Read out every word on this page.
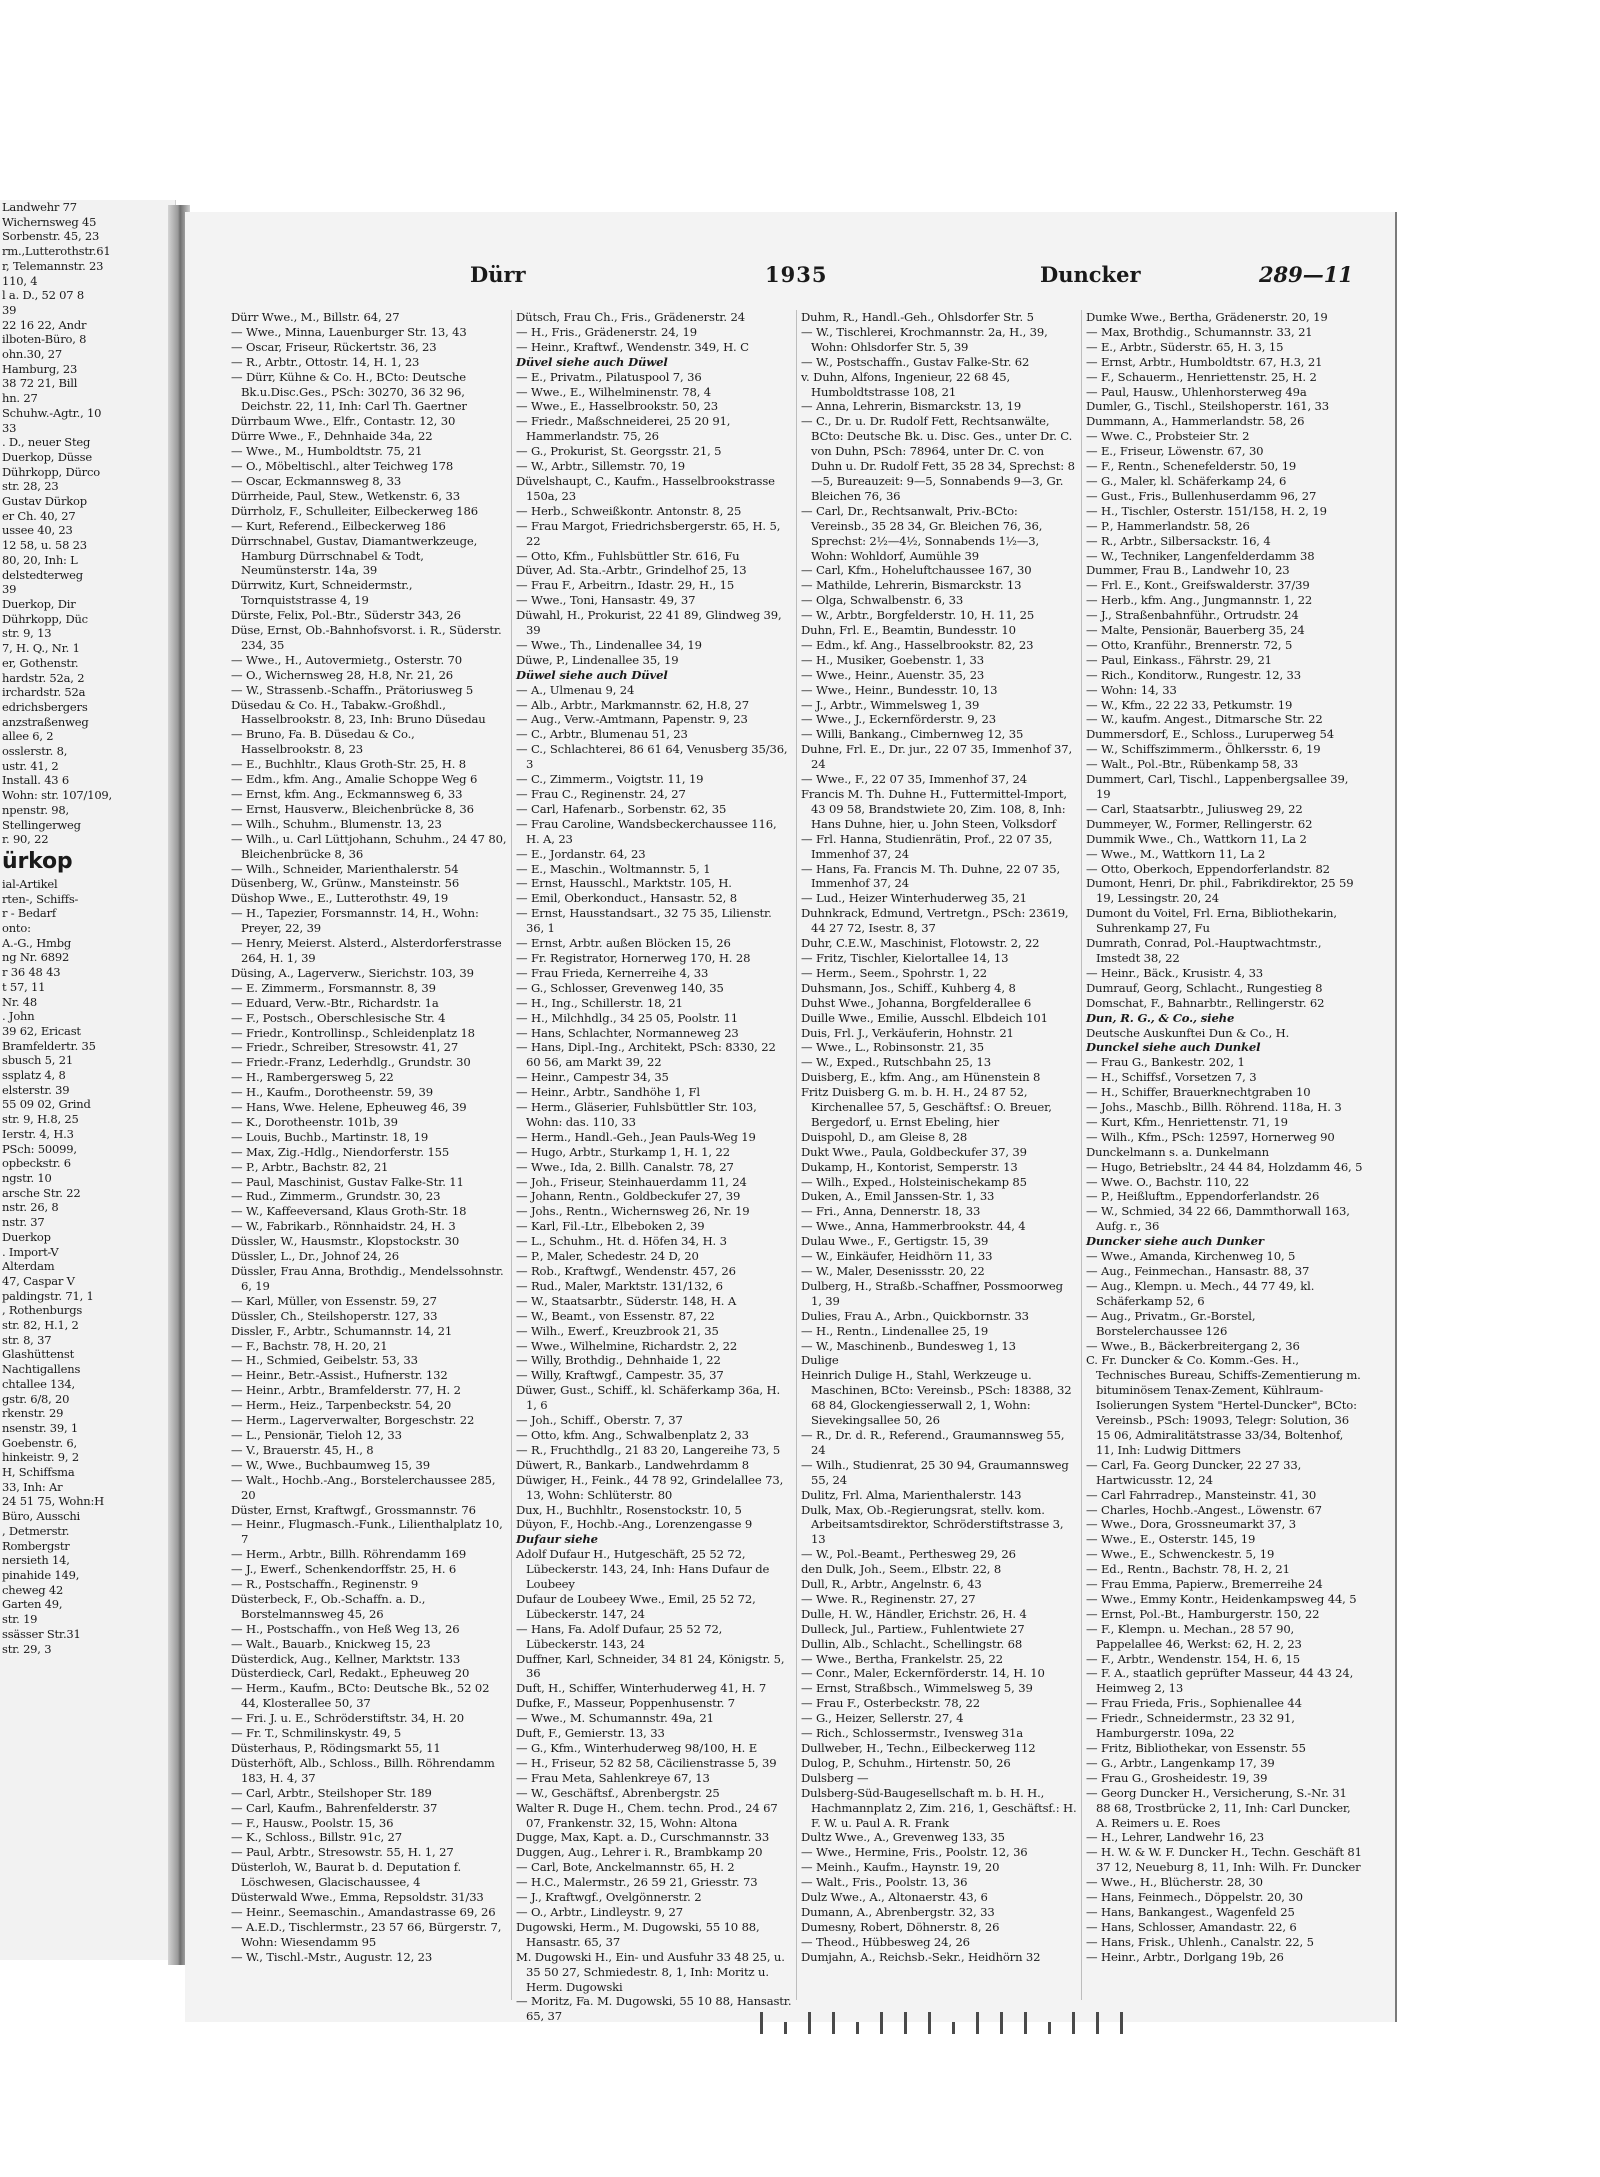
Landwehr 77
Wichernsweg 45
Sorbenstr. 45, 23
rm.,Lutterothstr.61
r, Telemannstr. 23
110, 4
l a. D., 52 07 8
39
22 16 22, Andr
ilboten-Büro, 8
ohn.30, 27
Hamburg, 23
38 72 21, Bill
hn. 27
Schuhw.-Agtr., 10
33
. D., neuer Steg
Duerkop, Düsse
Dührkopp, Dürco
str. 28, 23
Gustav Dürkop
er Ch. 40, 27
ussee 40, 23
12 58, u. 58 23
80, 20, Inh: L
delstedterweg
39
Duerkop, Dir
Dührkopp, Düc
str. 9, 13
7, H. Q., Nr. 1
er, Gothenstr.
hardstr. 52a, 2
irchardstr. 52a
edrichsbergers
anzstraßenweg
allee 6, 2
osslerstr. 8,
ustr. 41, 2
Install. 43 6
Wohn: str. 107/109,
npenstr. 98,
Stellingerweg
r. 90, 22
ürkop
ial-Artikel
rten-, Schiffs-
r - Bedarf
onto:
A.-G., Hmbg
ng Nr. 6892
r 36 48 43
t 57, 11
Nr. 48
. John
39 62, Ericast
Bramfeldertr. 35
sbusch 5, 21
ssplatz 4, 8
elsterstr. 39
55 09 02, Grind
str. 9, H.8, 25
Ierstr. 4, H.3
PSch: 50099,
opbeckstr. 6
ngstr. 10
arsche Str. 22
nstr. 26, 8
nstr. 37
Duerkop
. Import-V
Alterdam
47, Caspar V
paldingstr. 71, 1
, Rothenburgs
str. 82, H.1, 2
str. 8, 37
Glashüttenst
Nachtigallens
chtallee 134,
gstr. 6/8, 20
rkenstr. 29
nsenstr. 39, 1
Goebenstr. 6,
hinkeistr. 9, 2
H, Schiffsma
33, Inh: Ar
24 51 75, Wohn:H
Büro, Ausschi
, Detmerstr.
Rombergstr
nersieth 14,
pinahide 149,
cheweg 42
Garten 49,
str. 19
ssässer Str.31
str. 29, 3
Dürr	1935	Duncker	289—11
Dürr Wwe., M., Billstr. 64, 27
— Wwe., Minna, Lauenburger Str. 13, 43
— Oscar, Friseur, Rückertstr. 36, 23
— R., Arbtr., Ottostr. 14, H. 1, 23
— Dürr, Kühne & Co. H., BCto: Deutsche Bk.u.Disc.Ges., PSch: 30270, 36 32 96, Deichstr. 22, 11, Inh: Carl Th. Gaertner
Dürrbaum Wwe., Elfr., Contastr. 12, 30
Dürre Wwe., F., Dehnhaide 34a, 22
— Wwe., M., Humboldtstr. 75, 21
— O., Möbeltischl., alter Teichweg 178
— Oscar, Eckmannsweg 8, 33
Dürrheide, Paul, Stew., Wetkenstr. 6, 33
Dürrholz, F., Schulleiter, Eilbeckerweg 186
— Kurt, Referend., Eilbeckerweg 186
Dürrschnabel, Gustav, Diamantwerkzeuge, Hamburg Dürrschnabel & Todt, Neumünsterstr. 14a, 39
Dürrwitz, Kurt, Schneidermstr., Tornquiststrasse 4, 19
Dürste, Felix, Pol.-Btr., Süderstr 343, 26
Düse, Ernst, Ob.-Bahnhofsvorst. i. R., Süderstr. 234, 35
— Wwe., H., Autovermietg., Osterstr. 70
— O., Wichernsweg 28, H.8, Nr. 21, 26
— W., Strassenb.-Schaffn., Prätoriusweg 5
Düsedau & Co. H., Tabakw.-Großhdl., Hasselbrookstr. 8, 23, Inh: Bruno Düsedau
— Bruno, Fa. B. Düsedau & Co., Hasselbrookstr. 8, 23
— E., Buchhltr., Klaus Groth-Str. 25, H. 8
— Edm., kfm. Ang., Amalie Schoppe Weg 6
— Ernst, kfm. Ang., Eckmannsweg 6, 33
— Ernst, Hausverw., Bleichenbrücke 8, 36
— Wilh., Schuhm., Blumenstr. 13, 23
— Wilh., u. Carl Lüttjohann, Schuhm., 24 47 80, Bleichenbrücke 8, 36
— Wilh., Schneider, Marienthalerstr. 54
Düsenberg, W., Grünw., Mansteinstr. 56
Düshop Wwe., E., Lutterothstr. 49, 19
— H., Tapezier, Forsmannstr. 14, H., Wohn: Preyer, 22, 39
— Henry, Meierst. Alsterd., Alsterdorferstrasse 264, H. 1, 39
Düsing, A., Lagerverw., Sierichstr. 103, 39
— E. Zimmerm., Forsmannstr. 8, 39
— Eduard, Verw.-Btr., Richardstr. 1a
— F., Postsch., Oberschlesische Str. 4
— Friedr., Kontrollinsp., Schleidenplatz 18
— Friedr., Schreiber, Stresowstr. 41, 27
— Friedr.-Franz, Lederhdlg., Grundstr. 30
— H., Rambergersweg 5, 22
— H., Kaufm., Dorotheenstr. 59, 39
— Hans, Wwe. Helene, Epheuweg 46, 39
— K., Dorotheenstr. 101b, 39
— Louis, Buchb., Martinstr. 18, 19
— Max, Zig.-Hdlg., Niendorferstr. 155
— P., Arbtr., Bachstr. 82, 21
— Paul, Maschinist, Gustav Falke-Str. 11
— Rud., Zimmerm., Grundstr. 30, 23
— W., Kaffeeversand, Klaus Groth-Str. 18
— W., Fabrikarb., Rönnhaidstr. 24, H. 3
Düssler, W., Hausmstr., Klopstockstr. 30
Düssler, L., Dr., Johnof 24, 26
Düssler, Frau Anna, Brothdig., Mendelssohnstr. 6, 19
— Karl, Müller, von Essenstr. 59, 27
Düssler, Ch., Steilshoperstr. 127, 33
Dissler, F., Arbtr., Schumannstr. 14, 21
— F., Bachstr. 78, H. 20, 21
— H., Schmied, Geibelstr. 53, 33
— Heinr., Betr.-Assist., Hufnerstr. 132
— Heinr., Arbtr., Bramfelderstr. 77, H. 2
— Herm., Heiz., Tarpenbeckstr. 54, 20
— Herm., Lagerverwalter, Borgeschstr. 22
— L., Pensionär, Tieloh 12, 33
— V., Brauerstr. 45, H., 8
— W., Wwe., Buchbaumweg 15, 39
— Walt., Hochb.-Ang., Borstelerchaussee 285, 20
Düster, Ernst, Kraftwgf., Grossmannstr. 76
— Heinr., Flugmasch.-Funk., Lilienthalplatz 10, 7
— Herm., Arbtr., Billh. Röhrendamm 169
— J., Ewerf., Schenkendorffstr. 25, H. 6
— R., Postschaffn., Reginenstr. 9
Düsterbeck, F., Ob.-Schaffn. a. D., Borstelmannsweg 45, 26
— H., Postschaffn., von Heß Weg 13, 26
— Walt., Bauarb., Knickweg 15, 23
Düsterdick, Aug., Kellner, Marktstr. 133
Düsterdieck, Carl, Redakt., Epheuweg 20
— Herm., Kaufm., BCto: Deutsche Bk., 52 02 44, Klosterallee 50, 37
— Fri. J. u. E., Schröderstiftstr. 34, H. 20
— Fr. T., Schmilinskystr. 49, 5
Düsterhaus, P., Rödingsmarkt 55, 11
Düsterhöft, Alb., Schloss., Billh. Röhrendamm 183, H. 4, 37
— Carl, Arbtr., Steilshoper Str. 189
— Carl, Kaufm., Bahrenfelderstr. 37
— F., Hausw., Poolstr. 15, 36
— K., Schloss., Billstr. 91c, 27
— Paul, Arbtr., Stresowstr. 55, H. 1, 27
Düsterloh, W., Baurat b. d. Deputation f. Löschwesen, Glacischaussee, 4
Düsterwald Wwe., Emma, Repsoldstr. 31/33
— Heinr., Seemaschin., Amandastrasse 69, 26
— A.E.D., Tischlermstr., 23 57 66, Bürgerstr. 7, Wohn: Wiesendamm 95
— W., Tischl.-Mstr., Augustr. 12, 23
Dütsch, Frau Ch., Fris., Grädenerstr. 24
— H., Fris., Grädenerstr. 24, 19
— Heinr., Kraftwf., Wendenstr. 349, H. C
Düvel siehe auch Düwel
— E., Privatm., Pilatuspool 7, 36
— Wwe., E., Wilhelminenstr. 78, 4
— Wwe., E., Hasselbrookstr. 50, 23
— Friedr., Maßschneiderei, 25 20 91, Hammerlandstr. 75, 26
— G., Prokurist, St. Georgsstr. 21, 5
— W., Arbtr., Sillemstr. 70, 19
Düvelshaupt, C., Kaufm., Hasselbrookstrasse 150a, 23
— Herb., Schweißkontr. Antonstr. 8, 25
— Frau Margot, Friedrichsbergerstr. 65, H. 5, 22
— Otto, Kfm., Fuhlsbüttler Str. 616, Fu
Düver, Ad. Sta.-Arbtr., Grindelhof 25, 13
— Frau F., Arbeitrn., Idastr. 29, H., 15
— Wwe., Toni, Hansastr. 49, 37
Düwahl, H., Prokurist, 22 41 89, Glindweg 39, 39
— Wwe., Th., Lindenallee 34, 19
Düwe, P., Lindenallee 35, 19
Düwel siehe auch Düvel
— A., Ulmenau 9, 24
— Alb., Arbtr., Markmannstr. 62, H.8, 27
— Aug., Verw.-Amtmann, Papenstr. 9, 23
— C., Arbtr., Blumenau 51, 23
— C., Schlachterei, 86 61 64, Venusberg 35/36, 3
— C., Zimmerm., Voigtstr. 11, 19
— Frau C., Reginenstr. 24, 27
— Carl, Hafenarb., Sorbenstr. 62, 35
— Frau Caroline, Wandsbeckerchaussee 116, H. A, 23
— E., Jordanstr. 64, 23
— E., Maschin., Woltmannstr. 5, 1
— Ernst, Hausschl., Marktstr. 105, H.
— Emil, Oberkonduct., Hansastr. 52, 8
— Ernst, Hausstandsart., 32 75 35, Lilienstr. 36, 1
— Ernst, Arbtr. außen Blöcken 15, 26
— Fr. Registrator, Hornerweg 170, H. 28
— Frau Frieda, Kernerreihe 4, 33
— G., Schlosser, Grevenweg 140, 35
— H., Ing., Schillerstr. 18, 21
— H., Milchhdlg., 34 25 05, Poolstr. 11
— Hans, Schlachter, Normanneweg 23
— Hans, Dipl.-Ing., Architekt, PSch: 8330, 22 60 56, am Markt 39, 22
— Heinr., Campestr 34, 35
— Heinr., Arbtr., Sandhöhe 1, Fl
— Herm., Gläserier, Fuhlsbüttler Str. 103, Wohn: das. 110, 33
— Herm., Handl.-Geh., Jean Pauls-Weg 19
— Hugo, Arbtr., Sturkamp 1, H. 1, 22
— Wwe., Ida, 2. Billh. Canalstr. 78, 27
— Joh., Friseur, Steinhauerdamm 11, 24
— Johann, Rentn., Goldbeckufer 27, 39
— Johs., Rentn., Wichernsweg 26, Nr. 19
— Karl, Fil.-Ltr., Elbeboken 2, 39
— L., Schuhm., Ht. d. Höfen 34, H. 3
— P., Maler, Schedestr. 24 D, 20
— Rob., Kraftwgf., Wendenstr. 457, 26
— Rud., Maler, Marktstr. 131/132, 6
— W., Staatsarbtr., Süderstr. 148, H. A
— W., Beamt., von Essenstr. 87, 22
— Wilh., Ewerf., Kreuzbrook 21, 35
— Wwe., Wilhelmine, Richardstr. 2, 22
— Willy, Brothdig., Dehnhaide 1, 22
— Willy, Kraftwgf., Campestr. 35, 37
Düwer, Gust., Schiff., kl. Schäferkamp 36a, H. 1, 6
— Joh., Schiff., Oberstr. 7, 37
— Otto, kfm. Ang., Schwalbenplatz 2, 33
— R., Fruchthdlg., 21 83 20, Langereihe 73, 5
Düwert, R., Bankarb., Landwehrdamm 8
Düwiger, H., Feink., 44 78 92, Grindelallee 73, 13, Wohn: Schlüterstr. 80
Dux, H., Buchhltr., Rosenstockstr. 10, 5
Düyon, F., Hochb.-Ang., Lorenzengasse 9
Dufaur siehe
Adolf Dufaur H., Hutgeschäft, 25 52 72, Lübeckerstr. 143, 24, Inh: Hans Dufaur de Loubeey
Dufaur de Loubeey Wwe., Emil, 25 52 72, Lübeckerstr. 147, 24
— Hans, Fa. Adolf Dufaur, 25 52 72, Lübeckerstr. 143, 24
Duffner, Karl, Schneider, 34 81 24, Königstr. 5, 36
Duft, H., Schiffer, Winterhuderweg 41, H. 7
Dufke, F., Masseur, Poppenhusenstr. 7
— Wwe., M. Schumannstr. 49a, 21
Duft, F., Gemierstr. 13, 33
— G., Kfm., Winterhuderweg 98/100, H. E
— H., Friseur, 52 82 58, Cäcilienstrasse 5, 39
— Frau Meta, Sahlenkreye 67, 13
— W., Geschäftsf., Abrenbergstr. 25
Walter R. Duge H., Chem. techn. Prod., 24 67 07, Frankenstr. 32, 15, Wohn: Altona
Dugge, Max, Kapt. a. D., Curschmannstr. 33
Duggen, Aug., Lehrer i. R., Brambkamp 20
— Carl, Bote, Anckelmannstr. 65, H. 2
— H.C., Malermstr., 26 59 21, Griesstr. 73
— J., Kraftwgf., Ovelgönnerstr. 2
— O., Arbtr., Lindleystr. 9, 27
Dugowski, Herm., M. Dugowski, 55 10 88, Hansastr. 65, 37
M. Dugowski H., Ein- und Ausfuhr 33 48 25, u. 35 50 27, Schmiedestr. 8, 1, Inh: Moritz u. Herm. Dugowski
— Moritz, Fa. M. Dugowski, 55 10 88, Hansastr. 65, 37
Duhm, R., Handl.-Geh., Ohlsdorfer Str. 5
— W., Tischlerei, Krochmannstr. 2a, H., 39, Wohn: Ohlsdorfer Str. 5, 39
— W., Postschaffn., Gustav Falke-Str. 62
v. Duhn, Alfons, Ingenieur, 22 68 45, Humboldtstrasse 108, 21
— Anna, Lehrerin, Bismarckstr. 13, 19
— C., Dr. u. Dr. Rudolf Fett, Rechtsanwälte, BCto: Deutsche Bk. u. Disc. Ges., unter Dr. C. von Duhn, PSch: 78964, unter Dr. C. von Duhn u. Dr. Rudolf Fett, 35 28 34, Sprechst: 8—5, Bureauzeit: 9—5, Sonnabends 9—3, Gr. Bleichen 76, 36
— Carl, Dr., Rechtsanwalt, Priv.-BCto: Vereinsb., 35 28 34, Gr. Bleichen 76, 36, Sprechst: 2½—4½, Sonnabends 1½—3, Wohn: Wohldorf, Aumühle 39
— Carl, Kfm., Hoheluftchaussee 167, 30
— Mathilde, Lehrerin, Bismarckstr. 13
— Olga, Schwalbenstr. 6, 33
— W., Arbtr., Borgfelderstr. 10, H. 11, 25
Duhn, Frl. E., Beamtin, Bundesstr. 10
— Edm., kf. Ang., Hasselbrookstr. 82, 23
— H., Musiker, Goebenstr. 1, 33
— Wwe., Heinr., Auenstr. 35, 23
— Wwe., Heinr., Bundesstr. 10, 13
— J., Arbtr., Wimmelsweg 1, 39
— Wwe., J., Eckernförderstr. 9, 23
— Willi, Bankang., Cimbernweg 12, 35
Duhne, Frl. E., Dr. jur., 22 07 35, Immenhof 37, 24
— Wwe., F., 22 07 35, Immenhof 37, 24
Francis M. Th. Duhne H., Futtermittel-Import, 43 09 58, Brandstwiete 20, Zim. 108, 8, Inh: Hans Duhne, hier, u. John Steen, Volksdorf
— Frl. Hanna, Studienrätin, Prof., 22 07 35, Immenhof 37, 24
— Hans, Fa. Francis M. Th. Duhne, 22 07 35, Immenhof 37, 24
— Lud., Heizer Winterhuderweg 35, 21
Duhnkrack, Edmund, Vertretgn., PSch: 23619, 44 27 72, Isestr. 8, 37
Duhr, C.E.W., Maschinist, Flotowstr. 2, 22
— Fritz, Tischler, Kielortallee 14, 13
— Herm., Seem., Spohrstr. 1, 22
Duhsmann, Jos., Schiff., Kuhberg 4, 8
Duhst Wwe., Johanna, Borgfelderallee 6
Duille Wwe., Emilie, Ausschl. Elbdeich 101
Duis, Frl. J., Verkäuferin, Hohnstr. 21
— Wwe., L., Robinsonstr. 21, 35
— W., Exped., Rutschbahn 25, 13
Duisberg, E., kfm. Ang., am Hünenstein 8
Fritz Duisberg G. m. b. H. H., 24 87 52, Kirchenallee 57, 5, Geschäftsf.: O. Breuer, Bergedorf, u. Ernst Ebeling, hier
Duispohl, D., am Gleise 8, 28
Dukt Wwe., Paula, Goldbeckufer 37, 39
Dukamp, H., Kontorist, Semperstr. 13
— Wilh., Exped., Holsteinischekamp 85
Duken, A., Emil Janssen-Str. 1, 33
— Fri., Anna, Dennerstr. 18, 33
— Wwe., Anna, Hammerbrookstr. 44, 4
Dulau Wwe., F., Gertigstr. 15, 39
— W., Einkäufer, Heidhörn 11, 33
— W., Maler, Desenissstr. 20, 22
Dulberg, H., Straßb.-Schaffner, Possmoorweg 1, 39
Dulies, Frau A., Arbn., Quickbornstr. 33
— H., Rentn., Lindenallee 25, 19
— W., Maschinenb., Bundesweg 1, 13
Dulige
Heinrich Dulige H., Stahl, Werkzeuge u. Maschinen, BCto: Vereinsb., PSch: 18388, 32 68 84, Glockengiesserwall 2, 1, Wohn: Sievekingsallee 50, 26
— R., Dr. d. R., Referend., Graumannsweg 55, 24
— Wilh., Studienrat, 25 30 94, Graumannsweg 55, 24
Dulitz, Frl. Alma, Marienthalerstr. 143
Dulk, Max, Ob.-Regierungsrat, stellv. kom. Arbeitsamtsdirektor, Schröderstiftstrasse 3, 13
— W., Pol.-Beamt., Perthesweg 29, 26
den Dulk, Joh., Seem., Elbstr. 22, 8
Dull, R., Arbtr., Angelnstr. 6, 43
— Wwe. R., Reginenstr. 27, 27
Dulle, H. W., Händler, Erichstr. 26, H. 4
Dulleck, Jul., Partiew., Fuhlentwiete 27
Dullin, Alb., Schlacht., Schellingstr. 68
— Wwe., Bertha, Frankelstr. 25, 22
— Conr., Maler, Eckernförderstr. 14, H. 10
— Ernst, Straßbsch., Wimmelsweg 5, 39
— Frau F., Osterbeckstr. 78, 22
— G., Heizer, Sellerstr. 27, 4
— Rich., Schlossermstr., Ivensweg 31a
Dullweber, H., Techn., Eilbeckerweg 112
Dulog, P., Schuhm., Hirtenstr. 50, 26
Dulsberg —
Dulsberg-Süd-Baugesellschaft m. b. H. H., Hachmannplatz 2, Zim. 216, 1, Geschäftsf.: H. F. W. u. Paul A. R. Frank
Dultz Wwe., A., Grevenweg 133, 35
— Wwe., Hermine, Fris., Poolstr. 12, 36
— Meinh., Kaufm., Haynstr. 19, 20
— Walt., Fris., Poolstr. 13, 36
Dulz Wwe., A., Altonaerstr. 43, 6
Dumann, A., Abrenbergstr. 32, 33
Dumesny, Robert, Döhnerstr. 8, 26
— Theod., Hübbesweg 24, 26
Dumjahn, A., Reichsb.-Sekr., Heidhörn 32
Dumke Wwe., Bertha, Grädenerstr. 20, 19
— Max, Brothdig., Schumannstr. 33, 21
— E., Arbtr., Süderstr. 65, H. 3, 15
— Ernst, Arbtr., Humboldtstr. 67, H.3, 21
— F., Schauerm., Henriettenstr. 25, H. 2
— Paul, Hausw., Uhlenhorsterweg 49a
Dumler, G., Tischl., Steilshoperstr. 161, 33
Dummann, A., Hammerlandstr. 58, 26
— Wwe. C., Probsteier Str. 2
— E., Friseur, Löwenstr. 67, 30
— F., Rentn., Schenefelderstr. 50, 19
— G., Maler, kl. Schäferkamp 24, 6
— Gust., Fris., Bullenhuserdamm 96, 27
— H., Tischler, Osterstr. 151/158, H. 2, 19
— P., Hammerlandstr. 58, 26
— R., Arbtr., Silbersackstr. 16, 4
— W., Techniker, Langenfelderdamm 38
Dummer, Frau B., Landwehr 10, 23
— Frl. E., Kont., Greifswalderstr. 37/39
— Herb., kfm. Ang., Jungmannstr. 1, 22
— J., Straßenbahnführ., Ortrudstr. 24
— Malte, Pensionär, Bauerberg 35, 24
— Otto, Kranführ., Brennerstr. 72, 5
— Paul, Einkass., Fährstr. 29, 21
— Rich., Konditorw., Rungestr. 12, 33
— Wohn: 14, 33
— W., Kfm., 22 22 33, Petkumstr. 19
— W., kaufm. Angest., Ditmarsche Str. 22
Dummersdorf, E., Schloss., Luruperweg 54
— W., Schiffszimmerm., Öhlkersstr. 6, 19
— Walt., Pol.-Btr., Rübenkamp 58, 33
Dummert, Carl, Tischl., Lappenbergsallee 39, 19
— Carl, Staatsarbtr., Juliusweg 29, 22
Dummeyer, W., Former, Rellingerstr. 62
Dummik Wwe., Ch., Wattkorn 11, La 2
— Wwe., M., Wattkorn 11, La 2
— Otto, Oberkoch, Eppendorferlandstr. 82
Dumont, Henri, Dr. phil., Fabrikdirektor, 25 59 19, Lessingstr. 20, 24
Dumont du Voitel, Frl. Erna, Bibliothekarin, Suhrenkamp 27, Fu
Dumrath, Conrad, Pol.-Hauptwachtmstr., Imstedt 38, 22
— Heinr., Bäck., Krusistr. 4, 33
Dumrauf, Georg, Schlacht., Rungestieg 8
Domschat, F., Bahnarbtr., Rellingerstr. 62
Dun, R. G., & Co., siehe
Deutsche Auskunftei Dun & Co., H.
Dunckel siehe auch Dunkel
— Frau G., Bankestr. 202, 1
— H., Schiffsf., Vorsetzen 7, 3
— H., Schiffer, Brauerknechtgraben 10
— Johs., Maschb., Billh. Röhrend. 118a, H. 3
— Kurt, Kfm., Henriettenstr. 71, 19
— Wilh., Kfm., PSch: 12597, Hornerweg 90
Dunckelmann s. a. Dunkelmann
— Hugo, Betriebsltr., 24 44 84, Holzdamm 46, 5
— Wwe. O., Bachstr. 110, 22
— P., Heißluftm., Eppendorferlandstr. 26
— W., Schmied, 34 22 66, Dammthorwall 163, Aufg. r., 36
Duncker siehe auch Dunker
— Wwe., Amanda, Kirchenweg 10, 5
— Aug., Feinmechan., Hansastr. 88, 37
— Aug., Klempn. u. Mech., 44 77 49, kl. Schäferkamp 52, 6
— Aug., Privatm., Gr.-Borstel, Borstelerchaussee 126
— Wwe., B., Bäckerbreitergang 2, 36
C. Fr. Duncker & Co. Komm.-Ges. H., Technisches Bureau, Schiffs-Zementierung m. bituminösem Tenax-Zement, Kühlraum-Isolierungen System "Hertel-Duncker", BCto: Vereinsb., PSch: 19093, Telegr: Solution, 36 15 06, Admiralitätstrasse 33/34, Boltenhof, 11, Inh: Ludwig Dittmers
— Carl, Fa. Georg Duncker, 22 27 33, Hartwicusstr. 12, 24
— Carl Fahrradrep., Mansteinstr. 41, 30
— Charles, Hochb.-Angest., Löwenstr. 67
— Wwe., Dora, Grossneumarkt 37, 3
— Wwe., E., Osterstr. 145, 19
— Wwe., E., Schwenckestr. 5, 19
— Ed., Rentn., Bachstr. 78, H. 2, 21
— Frau Emma, Papierw., Bremerreihe 24
— Wwe., Emmy Kontr., Heidenkampsweg 44, 5
— Ernst, Pol.-Bt., Hamburgerstr. 150, 22
— F., Klempn. u. Mechan., 28 57 90, Pappelallee 46, Werkst: 62, H. 2, 23
— F., Arbtr., Wendenstr. 154, H. 6, 15
— F. A., staatlich geprüfter Masseur, 44 43 24, Heimweg 2, 13
— Frau Frieda, Fris., Sophienallee 44
— Friedr., Schneidermstr., 23 32 91, Hamburgerstr. 109a, 22
— Fritz, Bibliothekar, von Essenstr. 55
— G., Arbtr., Langenkamp 17, 39
— Frau G., Grosheidestr. 19, 39
— Georg Duncker H., Versicherung, S.-Nr. 31 88 68, Trostbrücke 2, 11, Inh: Carl Duncker, A. Reimers u. E. Roes
— H., Lehrer, Landwehr 16, 23
— H. W. & W. F. Duncker H., Techn. Geschäft 81 37 12, Neueburg 8, 11, Inh: Wilh. Fr. Duncker
— Wwe., H., Blücherstr. 28, 30
— Hans, Feinmech., Döppelstr. 20, 30
— Hans, Bankangest., Wagenfeld 25
— Hans, Schlosser, Amandastr. 22, 6
— Hans, Frisk., Uhlenh., Canalstr. 22, 5
— Heinr., Arbtr., Dorlgang 19b, 26
